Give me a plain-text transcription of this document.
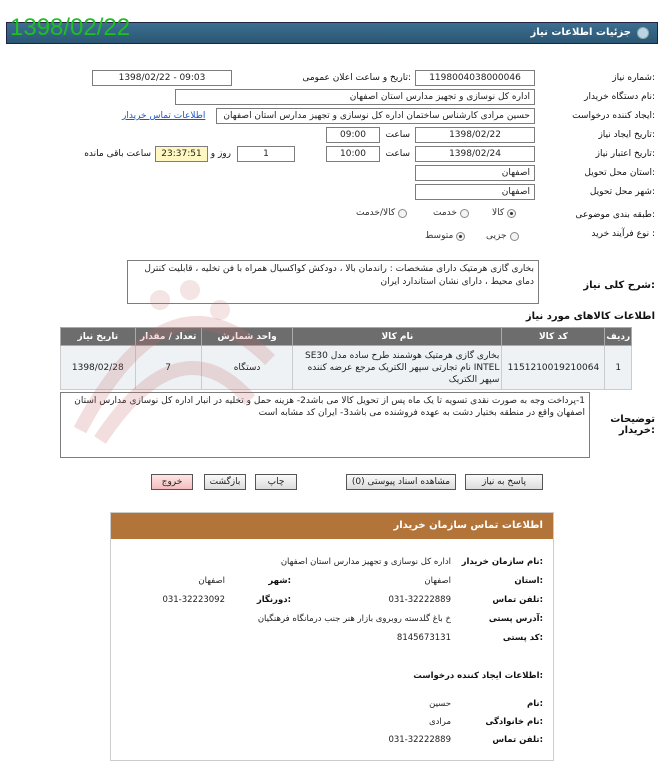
1398/02/22	جزئیات اطلاعات نیاز
شماره نیاز:
1198004038000046
تاریخ و ساعت اعلان عمومی:
1398/02/22 - 09:03
نام دستگاه خریدار:
اداره کل نوسازی و تجهیز مدارس استان اصفهان
ایجاد کننده درخواست:
حسین مرادی کارشناس ساختمان اداره کل نوسازی و تجهیز مدارس استان اصفهان
اطلاعات تماس خریدار
تاریخ ایجاد نیاز:
1398/02/22
ساعت
09:00
تاریخ اعتبار نیاز:
1398/02/24
ساعت
10:00
1
روز و
23:37:51
ساعت باقی مانده
استان محل تحویل:
اصفهان
شهر محل تحویل:
اصفهان
طبقه بندی موضوعی:
کالا
خدمت
کالا/خدمت
نوع فرآیند خرید :
جزیی
متوسط
شرح کلی نیاز:
بخاری گازی هرمتیک دارای مشخصات : راندمان بالا ، دودکش کواکسیال همراه با فن تخلیه ، قابلیت کنترل دمای محیط ، دارای نشان استاندارد ایران
اطلاعات کالاهای مورد نیاز
تاریخ نیاز	تعداد / مقدار	واحد شمارش	نام کالا	کد کالا	ردیف
1398/02/28	7	دستگاه	بخاری گازی هرمتیک هوشمند طرح ساده مدل SE30 INTEL نام تجارتی سپهر الکتریک مرجع عرضه کننده سپهر الکتریک	1151210019210064	1
توضیحات خریدار:
1-پرداخت وجه به صورت نقدی تسویه تا یک ماه پس از تحویل کالا می باشد2- هزینه حمل و تخلیه در انبار اداره کل نوسازی مدارس استان اصفهان واقع در منطقه بختیار دشت به عهده فروشنده می باشد3- ایران کد مشابه است
پاسخ به نیاز
مشاهده اسناد پیوستی (0)
چاپ
بازگشت
خروج
اطلاعات تماس سازمان خریدار
نام سازمان خریدار:
اداره کل نوسازی و تجهیز مدارس استان اصفهان
استان:
اصفهان
شهر:
اصفهان
تلفن تماس:
031-32222889
دورنگار:
031-32223092
آدرس پستی:
خ باغ گلدسته روبروی بازار هنر جنب درمانگاه فرهنگیان
کد پستی:
8145673131
اطلاعات ایجاد کننده درخواست:
نام:
حسین
نام خانوادگی:
مرادی
تلفن تماس:
031-32222889
